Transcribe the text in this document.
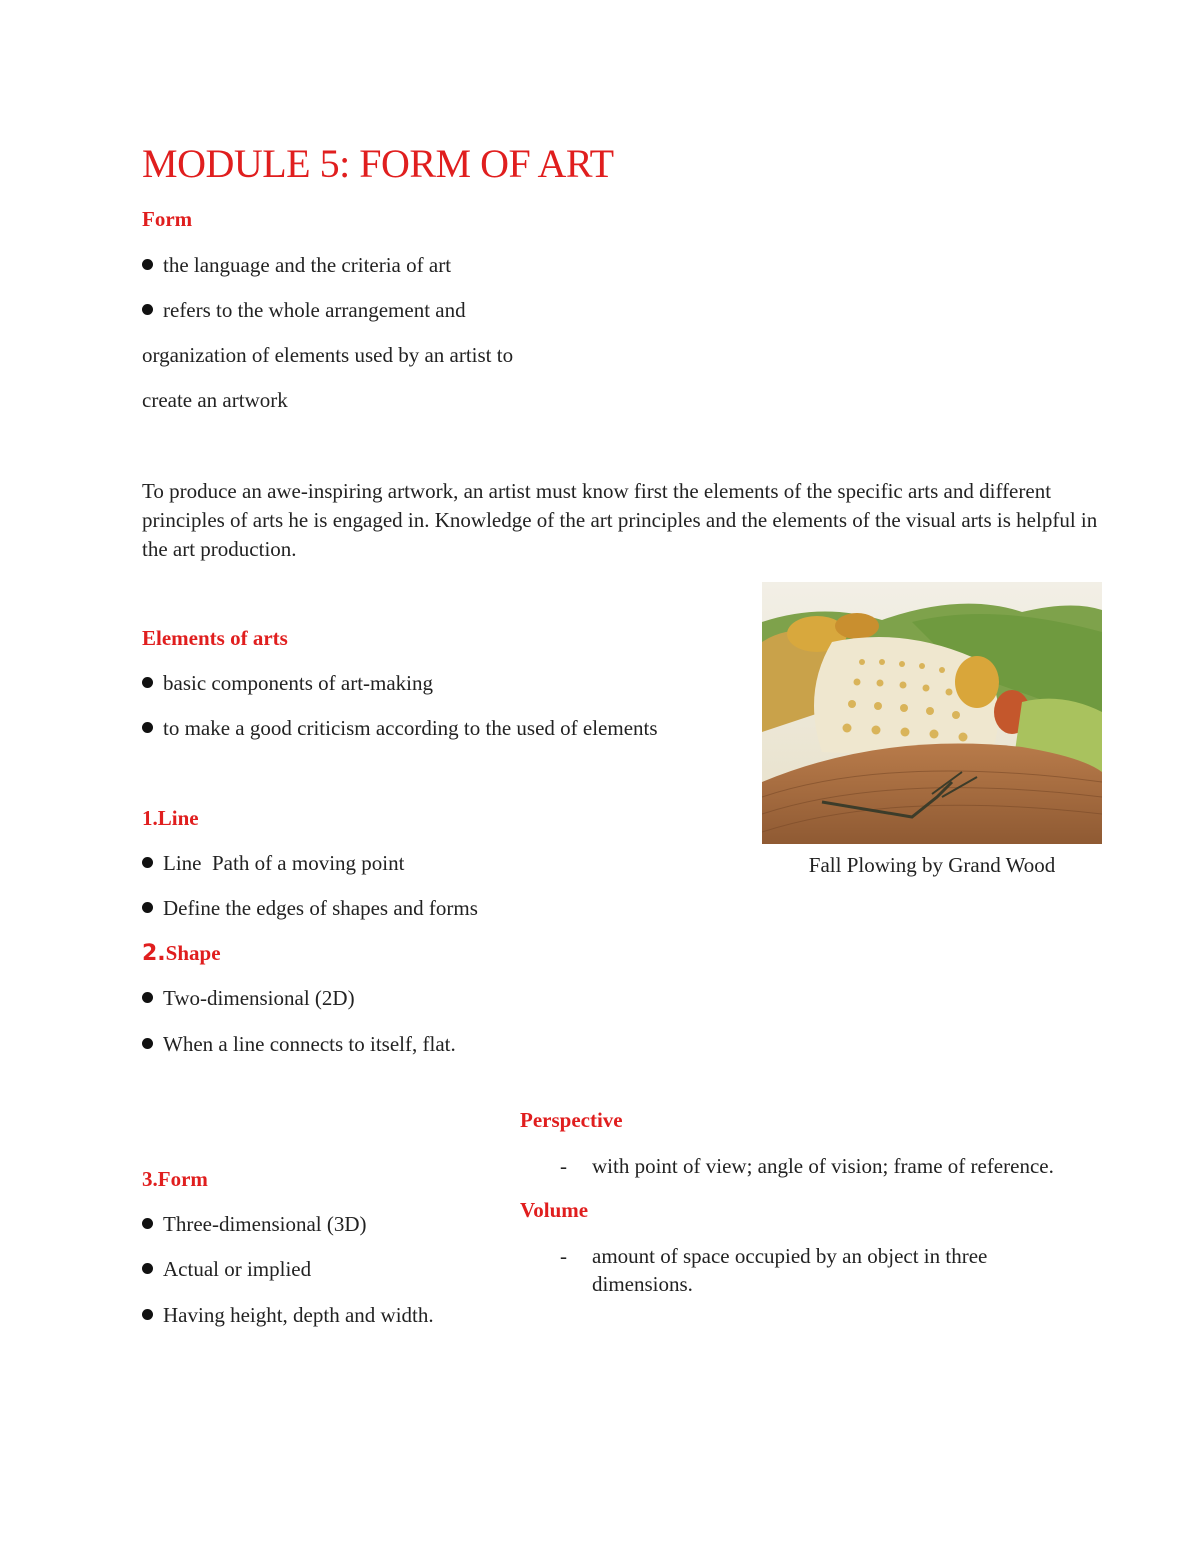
MODULE 5: FORM OF ART
Form
the language and the criteria of art
refers to the whole arrangement and
organization of elements used by an artist to
create an artwork
To produce an awe-inspiring artwork, an artist must know first the elements of the specific arts and different principles of arts he is engaged in. Knowledge of the art principles and the elements of the visual arts is helpful in the art production.
Fall Plowing by Grand Wood
Elements of arts
basic components of art-making
to make a good criticism according to the used of elements
1.Line
Line  Path of a moving point
Define the edges of shapes and forms
2.Shape
Two-dimensional (2D)
When a line connects to itself, flat.
3.Form
Three-dimensional (3D)
Actual or implied
Having height, depth and width.
Perspective
- with point of view; angle of vision; frame of reference.
Volume
- amount of space occupied by an object in three
dimensions.
